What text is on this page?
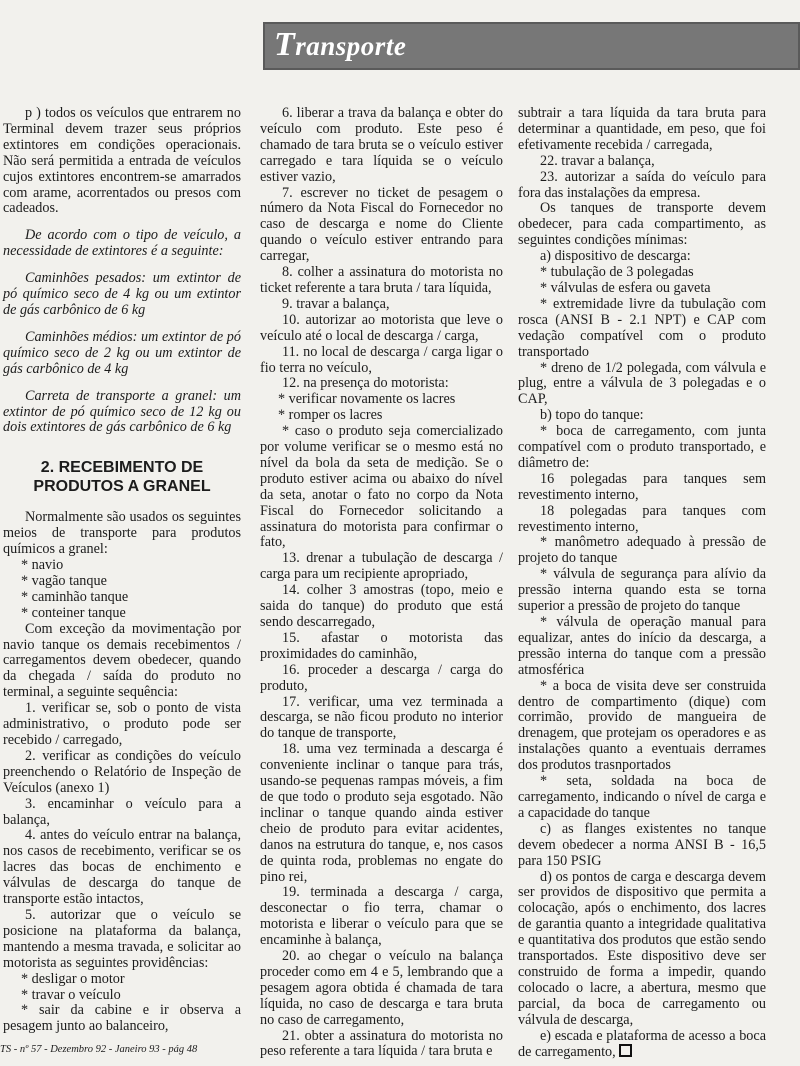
Transporte

p ) todos os veículos que entrarem no Terminal devem trazer seus próprios extintores em condições operacionais. Não será permitida a entrada de veículos cujos extintores encontrem-se amarrados com arame, acorrentados ou presos com cadeados.

De acordo com o tipo de veículo, a necessidade de extintores é a seguinte:

Caminhões pesados: um extintor de pó químico seco de 4 kg ou um extintor de gás carbônico de 6 kg

Caminhões médios: um extintor de pó químico seco de 2 kg ou um extintor de gás carbônico de 4 kg

Carreta de transporte a granel: um extintor de pó químico seco de 12 kg ou dois extintores de gás carbônico de 6 kg

2. RECEBIMENTO DE
PRODUTOS A GRANEL

Normalmente são usados os seguintes meios de transporte para produtos químicos a granel:

* navio

* vagão tanque

* caminhão tanque

* conteiner tanque

Com exceção da movimentação por navio tanque os demais recebimentos / carregamentos devem obedecer, quando da chegada / saída do produto no terminal, a seguinte sequência:

1. verificar se, sob o ponto de vista administrativo, o produto pode ser recebido / carregado,

2. verificar as condições do veículo preenchendo o Relatório de Inspeção de Veículos (anexo 1)

3. encaminhar o veículo para a balança,

4. antes do veículo entrar na balança, nos casos de recebimento, verificar se os lacres das bocas de enchimento e válvulas de descarga do tanque de transporte estão intactos,

5. autorizar que o veículo se posicione na plataforma da balança, mantendo a mesma travada, e solicitar ao motorista as seguintes providências:

* desligar o motor

* travar o veículo

* sair da cabine e ir observa a pesagem junto ao balanceiro,

6. liberar a trava da balança e obter do veículo com produto. Este peso é chamado de tara bruta se o veículo estiver carregado e tara líquida se o veículo estiver vazio,

7. escrever no ticket de pesagem o número da Nota Fiscal do Fornecedor no caso de descarga e nome do Cliente quando o veículo estiver entrando para carregar,

8. colher a assinatura do motorista no ticket referente a tara bruta / tara líquida,

9. travar a balança,

10. autorizar ao motorista que leve o veículo até o local de descarga / carga,

11. no local de descarga / carga ligar o fio terra no veículo,

12. na presença do motorista:

* verificar novamente os lacres

* romper os lacres

* caso o produto seja comercializado por volume verificar se o mesmo está no nível da bola da seta de medição. Se o produto estiver acima ou abaixo do nível da seta, anotar o fato no corpo da Nota Fiscal do Fornecedor solicitando a assinatura do motorista para confirmar o fato,

13. drenar a tubulação de descarga / carga para um recipiente apropriado,

14. colher 3 amostras (topo, meio e saida do tanque) do produto que está sendo descarregado,

15. afastar o motorista das proximidades do caminhão,

16. proceder a descarga / carga do produto,

17. verificar, uma vez terminada a descarga, se não ficou produto no interior do tanque de transporte,

18. uma vez terminada a descarga é conveniente inclinar o tanque para trás, usando-se pequenas rampas móveis, a fim de que todo o produto seja esgotado. Não inclinar o tanque quando ainda estiver cheio de produto para evitar acidentes, danos na estrutura do tanque, e, nos casos de quinta roda, problemas no engate do pino rei,

19. terminada a descarga / carga, desconectar o fio terra, chamar o motorista e liberar o veículo para que se encaminhe à balança,

20. ao chegar o veículo na balança proceder como em 4 e 5, lembrando que a pesagem agora obtida é chamada de tara líquida, no caso de descarga e tara bruta no caso de carregamento,

21. obter a assinatura do motorista no peso referente a tara líquida / tara bruta e

subtrair a tara líquida da tara bruta para determinar a quantidade, em peso, que foi efetivamente recebida / carregada,

22. travar a balança,

23. autorizar a saída do veículo para fora das instalações da empresa.

Os tanques de transporte devem obedecer, para cada compartimento, as seguintes condições mínimas:

a) dispositivo de descarga:

* tubulação de 3 polegadas

* válvulas de esfera ou gaveta

* extremidade livre da tubulação com rosca (ANSI B - 2.1 NPT) e CAP com vedação compatível com o produto transportado

* dreno de 1/2 polegada, com válvula e plug, entre a válvula de 3 polegadas e o CAP,

b) topo do tanque:

* boca de carregamento, com junta compatível com o produto transportado, e diâmetro de:

16 polegadas para tanques sem revestimento interno,

18 polegadas para tanques com revestimento interno,

* manômetro adequado à pressão de projeto do tanque

* válvula de segurança para alívio da pressão interna quando esta se torna superior a pressão de projeto do tanque

* válvula de operação manual para equalizar, antes do início da descarga, a pressão interna do tanque com a pressão atmosférica

* a boca de visita deve ser construida dentro de compartimento (dique) com corrimão, provido de mangueira de drenagem, que protejam os operadores e as instalações quanto a eventuais derrames dos produtos trasnportados

* seta, soldada na boca de carregamento, indicando o nível de carga e a capacidade do tanque

c) as flanges existentes no tanque devem obedecer a norma ANSI B - 16,5 para 150 PSIG

d) os pontos de carga e descarga devem ser providos de dispositivo que permita a colocação, após o enchimento, dos lacres de garantia quanto a integridade qualitativa e quantitativa dos produtos que estão sendo transportados. Este dispositivo deve ser construido de forma a impedir, quando colocado o lacre, a abertura, mesmo que parcial, da boca de carregamento ou válvula de descarga,

e) escada e plataforma de acesso a boca de carregamento,

TS - nº 57 - Dezembro 92 - Janeiro 93 - pág 48
